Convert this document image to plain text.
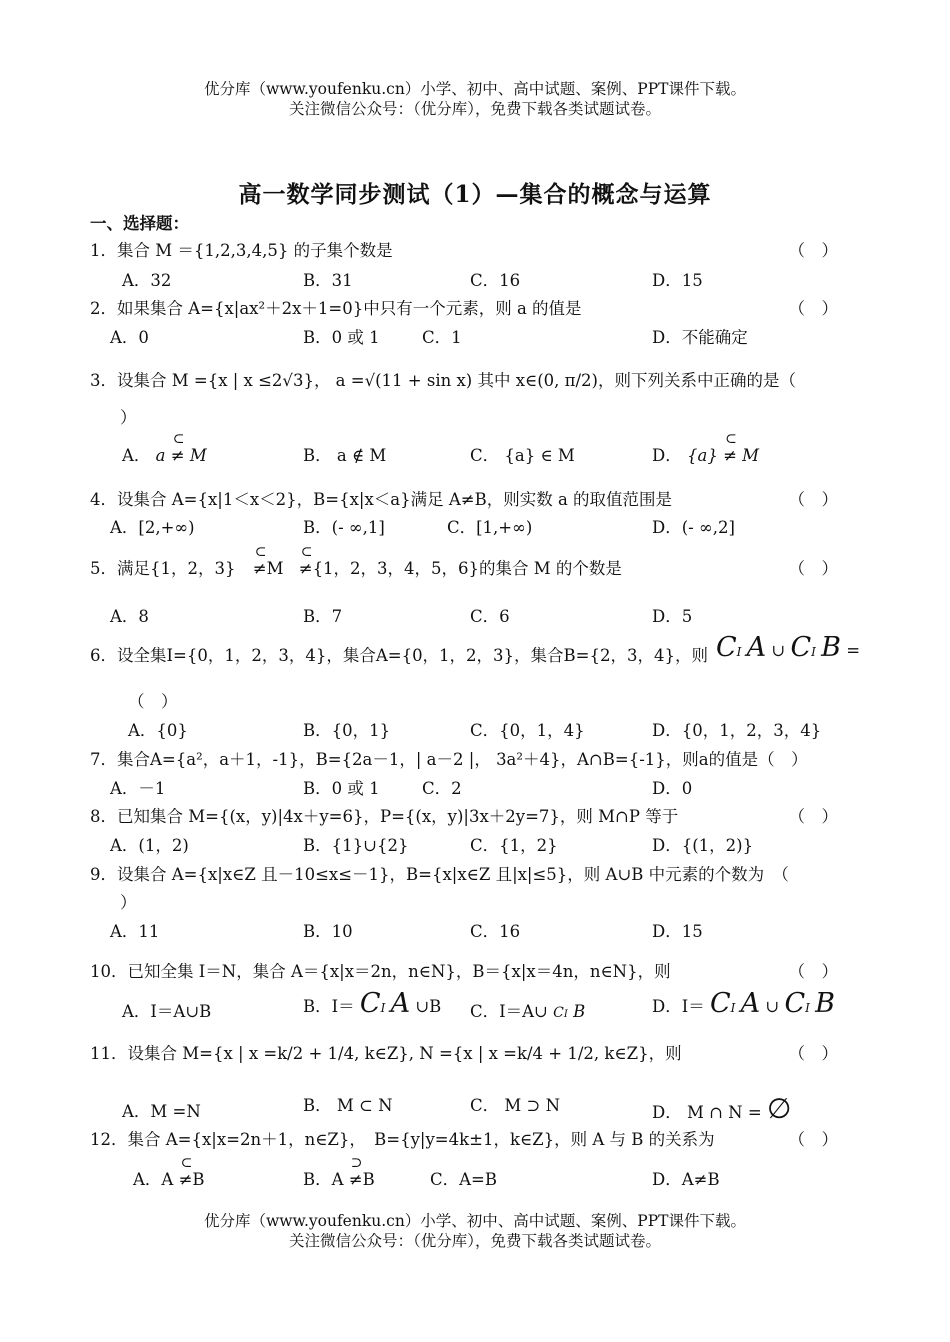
优分库（www.youfenku.cn）小学、初中、高中试题、案例、PPT课件下载。
关注微信公众号：（优分库），免费下载各类试题试卷。
高一数学同步测试（1）—集合的概念与运算
一、选择题：
1．集合 M ＝{1,2,3,4,5} 的子集个数是	（　）
A．32	B．31	C．16	D．15
2．如果集合 A={x|ax²＋2x＋1=0}中只有一个元素，则 a 的值是	（　）
A．0	B．0 或 1	C．1	D．不能确定
3．设集合 M ={x | x ≤2√3}， a =√(11 + sin x) 其中 x∈(0, π/2)，则下列关系中正确的是（
）
A． a
⊂
≠ M	B． a ∉ M	C． {a} ∈ M	D． {a}
⊂
≠ M
4．设集合 A={x|1＜x＜2}，B={x|x＜a}满足 A≠B，则实数 a 的取值范围是	（　）
A．[2,+∞)	B．(- ∞,1]	C．[1,+∞)	D．(- ∞,2]
5．满足{1，2，3}
⊂
≠M
⊂
≠{1，2，3，4，5，6}的集合 M 的个数是	（　）
A．8	B．7	C．6	D．5
6．设全集I={0，1，2，3，4}，集合A={0，1，2，3}，集合B={2，3，4}，则 CI A ∪ CI B =
（　）
A．{0}	B．{0，1}	C．{0，1，4}	D．{0，1，2，3，4}
7．集合A={a²，a＋1，-1}，B={2a－1，| a－2 |， 3a²＋4}，A∩B={-1}，则a的值是（　）
A．－1	B．0 或 1	C．2	D．0
8．已知集合 M={(x，y)|4x＋y=6}，P={(x，y)|3x＋2y=7}，则 M∩P 等于	（　）
A．(1，2)	B．{1}∪{2}	C．{1，2}	D．{(1，2)}
9．设集合 A={x|x∈Z 且－10≤x≤－1}，B={x|x∈Z 且|x|≤5}，则 A∪B 中元素的个数为　（
）
A．11	B．10	C．16	D．15
10．已知全集 I＝N，集合 A＝{x|x＝2n，n∈N}，B＝{x|x＝4n，n∈N}，则	（　）
A．I＝A∪B	B．I＝ CI A ∪B C．I＝A∪ CI B	D．I＝ CI A ∪ CI B
11．设集合 M={x | x =k/2 + 1/4, k∈Z}, N ={x | x =k/4 + 1/2, k∈Z}，则	（　）
A．M =N	B． M ⊂ N	C． M ⊃ N	D． M ∩ N = ∅
12．集合 A={x|x=2n＋1，n∈Z}，　B={y|y=4k±1，k∈Z}，则 A 与 B 的关系为	（　）
A．A
⊂
≠B	B．A
⊃
≠B	C．A=B	D．A≠B
优分库（www.youfenku.cn）小学、初中、高中试题、案例、PPT课件下载。
关注微信公众号：（优分库），免费下载各类试题试卷。
